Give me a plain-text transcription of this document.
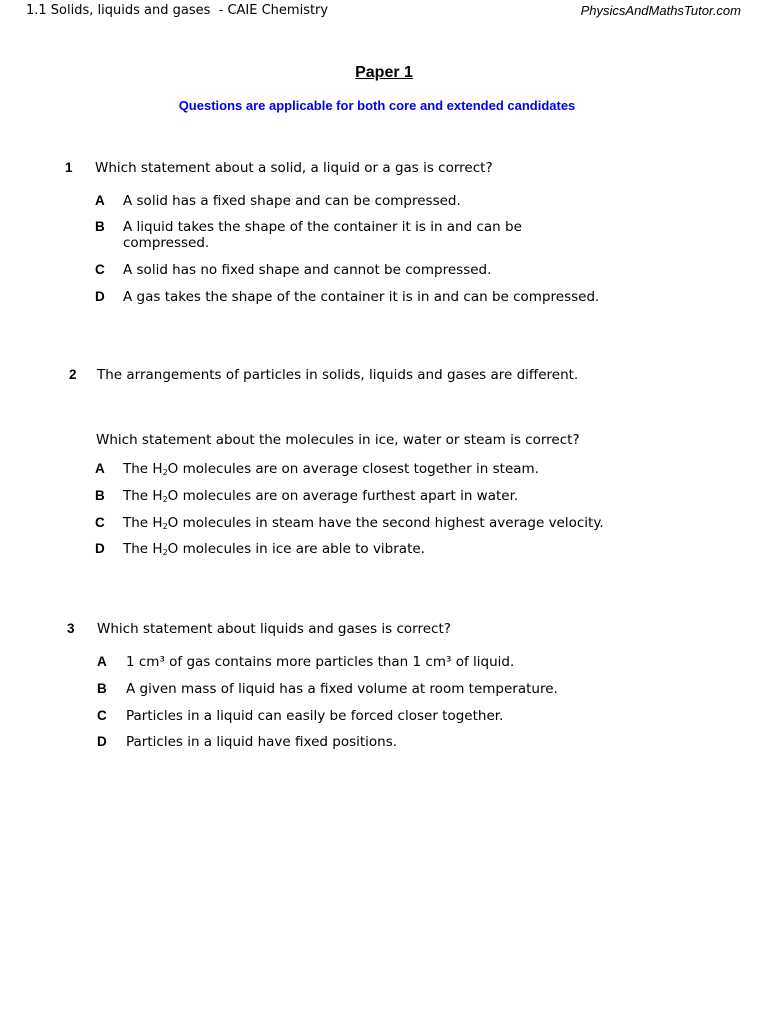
1.1 Solids, liquids and gases  - CAIE Chemistry	PhysicsAndMathsTutor.com
Paper 1
Questions are applicable for both core and extended candidates
1 Which statement about a solid, a liquid or a gas is correct?
A A solid has a fixed shape and can be compressed.
B A liquid takes the shape of the container it is in and can be compressed.
C A solid has no fixed shape and cannot be compressed.
D A gas takes the shape of the container it is in and can be compressed.
2 The arrangements of particles in solids, liquids and gases are different.
Which statement about the molecules in ice, water or steam is correct?
A The $H_2O$ molecules are on average closest together in steam.
B The $H_2O$ molecules are on average furthest apart in water.
C The $H_2O$ molecules in steam have the second highest average velocity.
D The $H_2O$ molecules in ice are able to vibrate.
3 Which statement about liquids and gases is correct?
A 1 cm³ of gas contains more particles than 1 cm³ of liquid.
B A given mass of liquid has a fixed volume at room temperature.
C Particles in a liquid can easily be forced closer together.
D Particles in a liquid have fixed positions.
